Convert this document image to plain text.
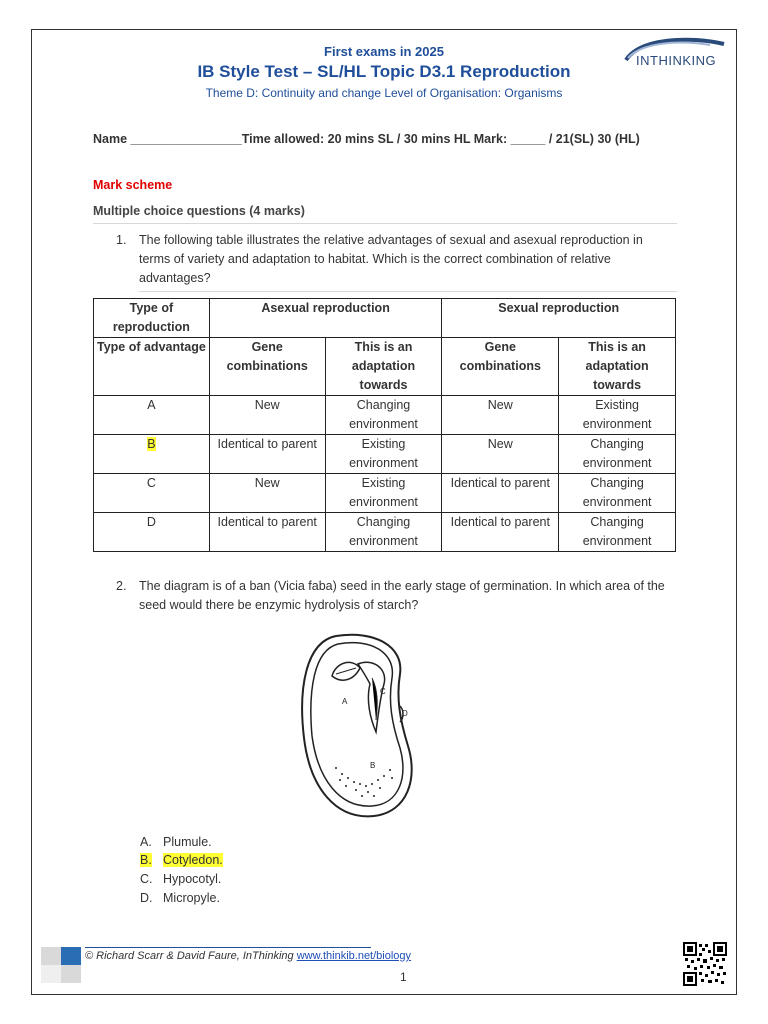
First exams in 2025
IB Style Test – SL/HL Topic D3.1 Reproduction
Theme D: Continuity and change Level of Organisation: Organisms
INTHINKING
Name ________________Time allowed: 20 mins SL / 30 mins HL Mark: _____ / 21(SL) 30 (HL)
Mark scheme
Multiple choice questions (4 marks)
1. The following table illustrates the relative advantages of sexual and asexual reproduction in terms of variety and adaptation to habitat. Which is the correct combination of relative advantages?
Type of reproduction	Asexual reproduction		Sexual reproduction	
Type of advantage	Gene combinations	This is an adaptation towards	Gene combinations	This is an adaptation towards
A	New	Changing environment	New	Existing environment
B	Identical to parent	Existing environment	New	Changing environment
C	New	Existing environment	Identical to parent	Changing environment
D	Identical to parent	Changing environment	Identical to parent	Changing environment
2. The diagram is of a ban (Vicia faba) seed in the early stage of germination. In which area of the seed would there be enzymic hydrolysis of starch?
A
B
C
D
A. Plumule.
B. Cotyledon.
C. Hypocotyl.
D. Micropyle.
© Richard Scarr & David Faure, InThinking www.thinkib.net/biology
1
